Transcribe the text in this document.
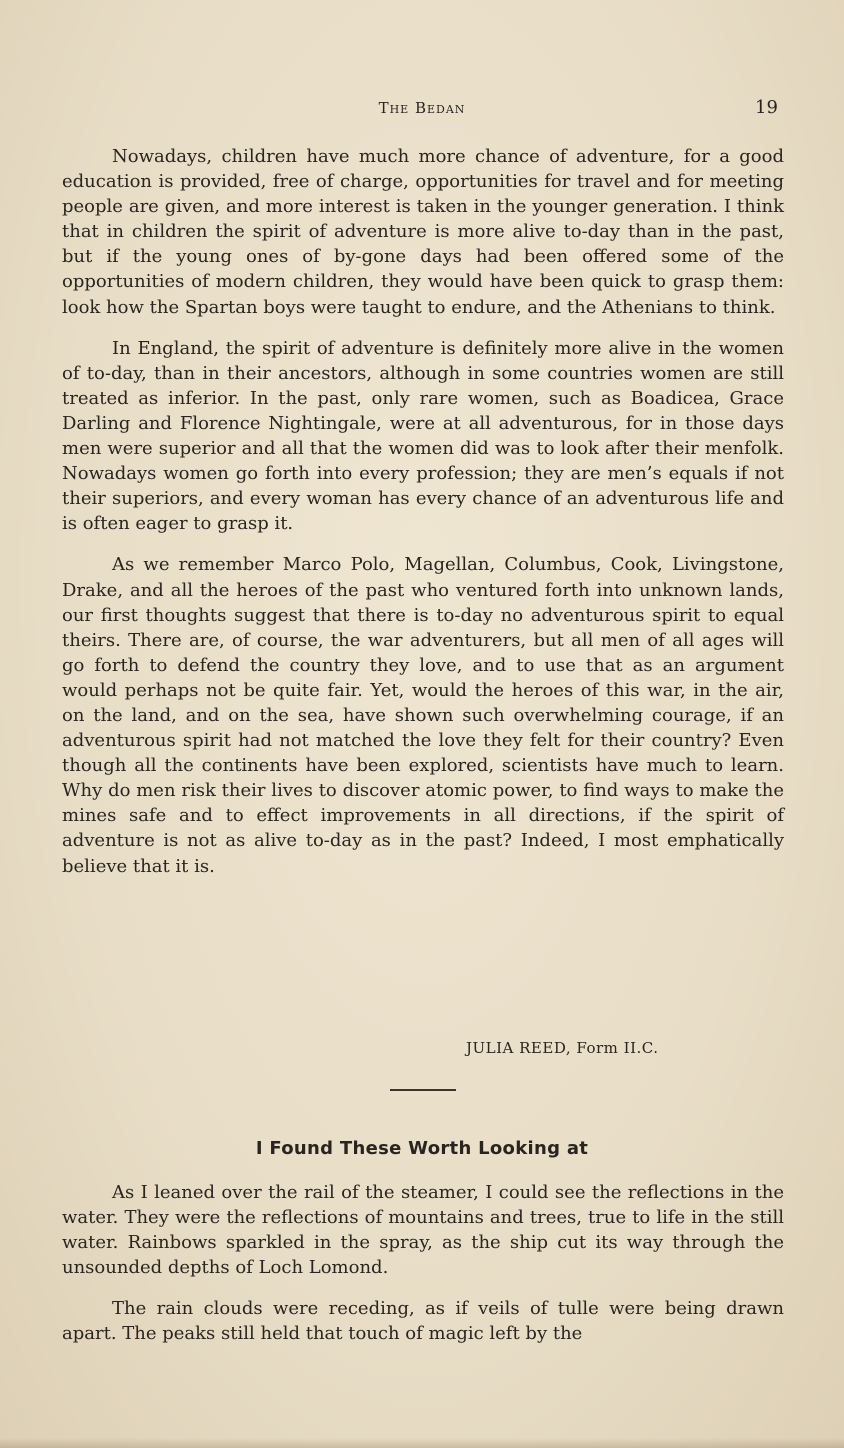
The Bedan	19

Nowadays, children have much more chance of adventure, for a good education is provided, free of charge, opportunities for travel and for meeting people are given, and more interest is taken in the younger generation. I think that in children the spirit of adventure is more alive to-day than in the past, but if the young ones of by-gone days had been offered some of the opportunities of modern children, they would have been quick to grasp them: look how the Spartan boys were taught to endure, and the Athenians to think.

In England, the spirit of adventure is definitely more alive in the women of to-day, than in their ancestors, although in some countries women are still treated as inferior. In the past, only rare women, such as Boadicea, Grace Darling and Florence Nightingale, were at all adventurous, for in those days men were superior and all that the women did was to look after their menfolk. Nowadays women go forth into every profession; they are men’s equals if not their superiors, and every woman has every chance of an adventurous life and is often eager to grasp it.

As we remember Marco Polo, Magellan, Columbus, Cook, Livingstone, Drake, and all the heroes of the past who ventured forth into unknown lands, our first thoughts suggest that there is to-day no adventurous spirit to equal theirs. There are, of course, the war adventurers, but all men of all ages will go forth to defend the country they love, and to use that as an argument would perhaps not be quite fair. Yet, would the heroes of this war, in the air, on the land, and on the sea, have shown such overwhelming courage, if an adventurous spirit had not matched the love they felt for their country? Even though all the continents have been explored, scientists have much to learn. Why do men risk their lives to discover atomic power, to find ways to make the mines safe and to effect improvements in all directions, if the spirit of adventure is not as alive to-day as in the past? Indeed, I most emphatically believe that it is.

JULIA REED, Form II.C.
I Found These Worth Looking at

As I leaned over the rail of the steamer, I could see the reflections in the water. They were the reflections of mountains and trees, true to life in the still water. Rainbows sparkled in the spray, as the ship cut its way through the unsounded depths of Loch Lomond.

The rain clouds were receding, as if veils of tulle were being drawn apart. The peaks still held that touch of magic left by the
